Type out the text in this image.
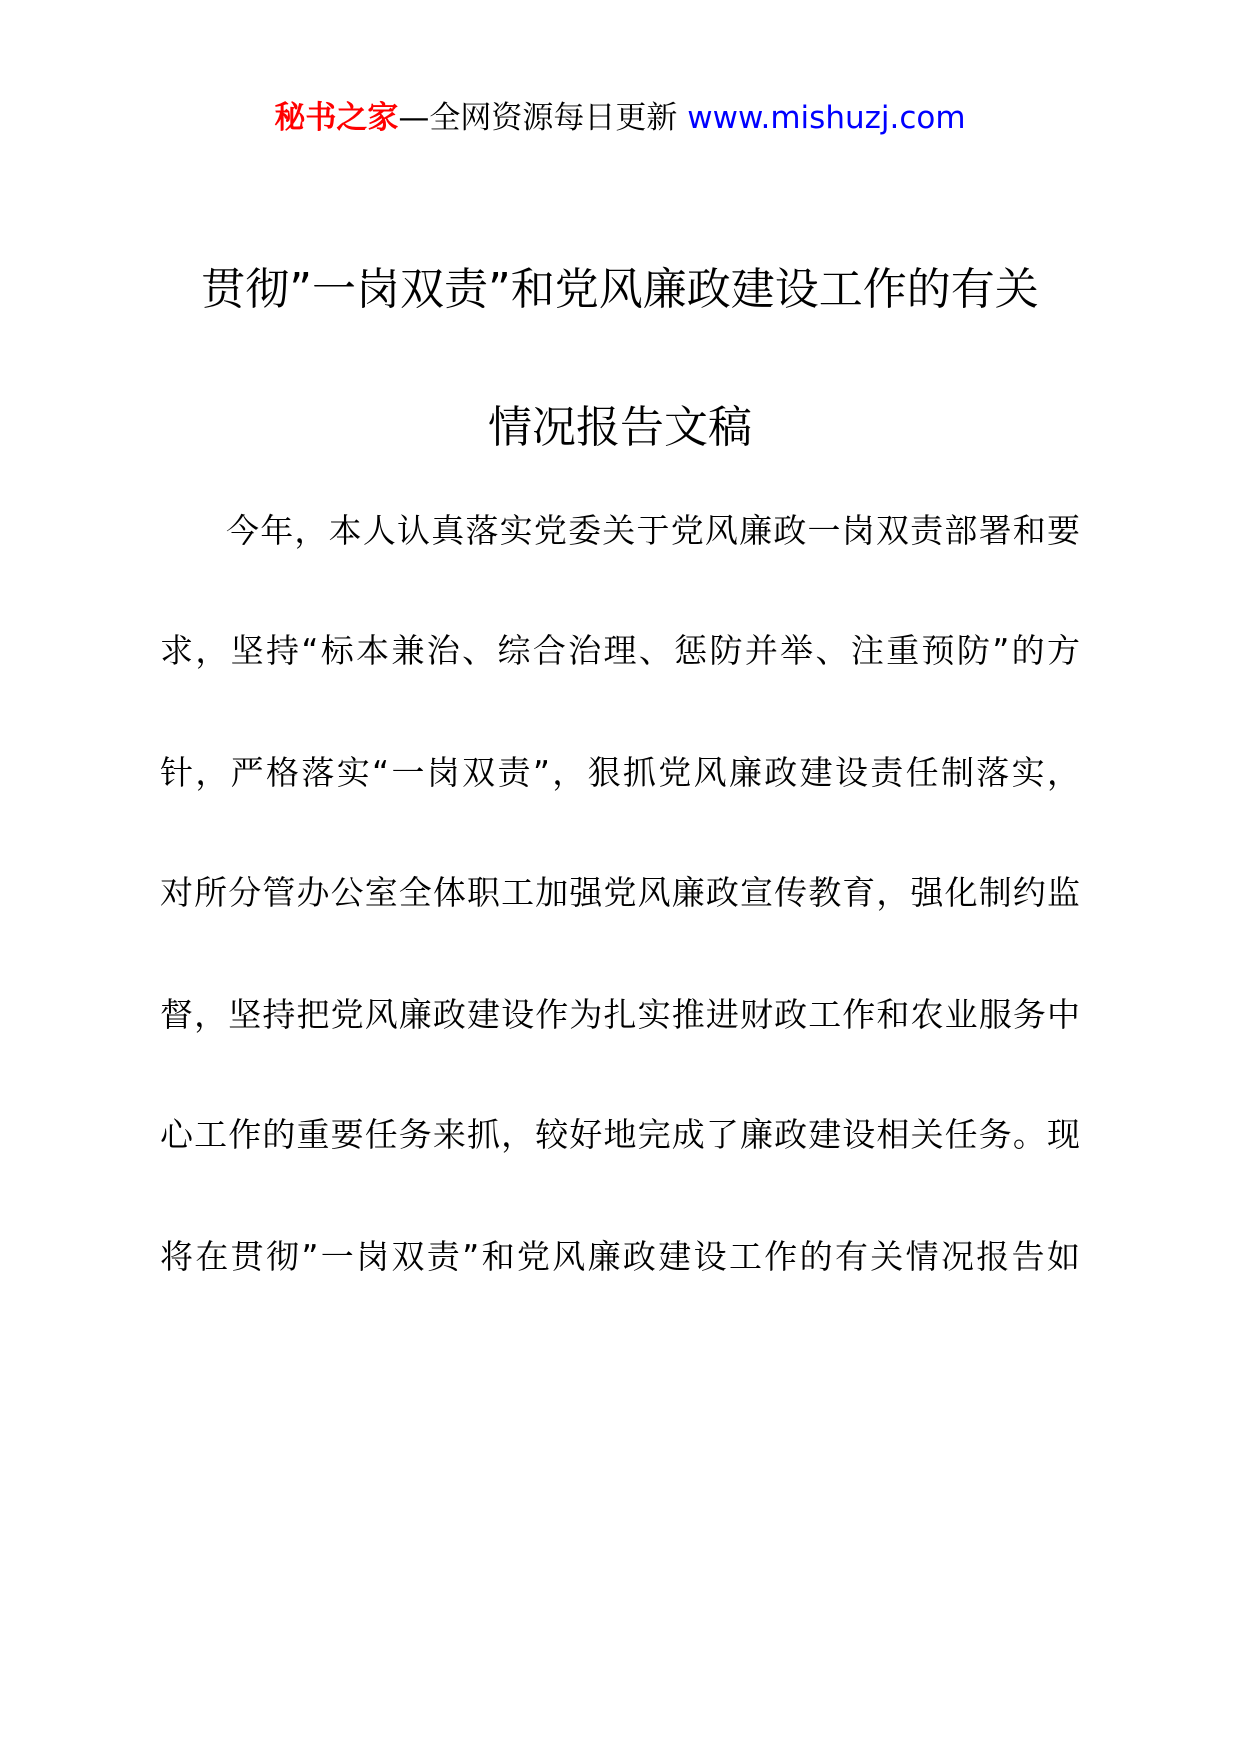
秘书之家—全网资源每日更新 www.mishuzj.com
贯彻”一岗双责”和党风廉政建设工作的有关
情况报告文稿
今年，本人认真落实党委关于党风廉政一岗双责部署和要
求，坚持“标本兼治、综合治理、惩防并举、注重预防”的方
针，严格落实“一岗双责”，狠抓党风廉政建设责任制落实，
对所分管办公室全体职工加强党风廉政宣传教育，强化制约监
督，坚持把党风廉政建设作为扎实推进财政工作和农业服务中
心工作的重要任务来抓，较好地完成了廉政建设相关任务。现
将在贯彻”一岗双责”和党风廉政建设工作的有关情况报告如
